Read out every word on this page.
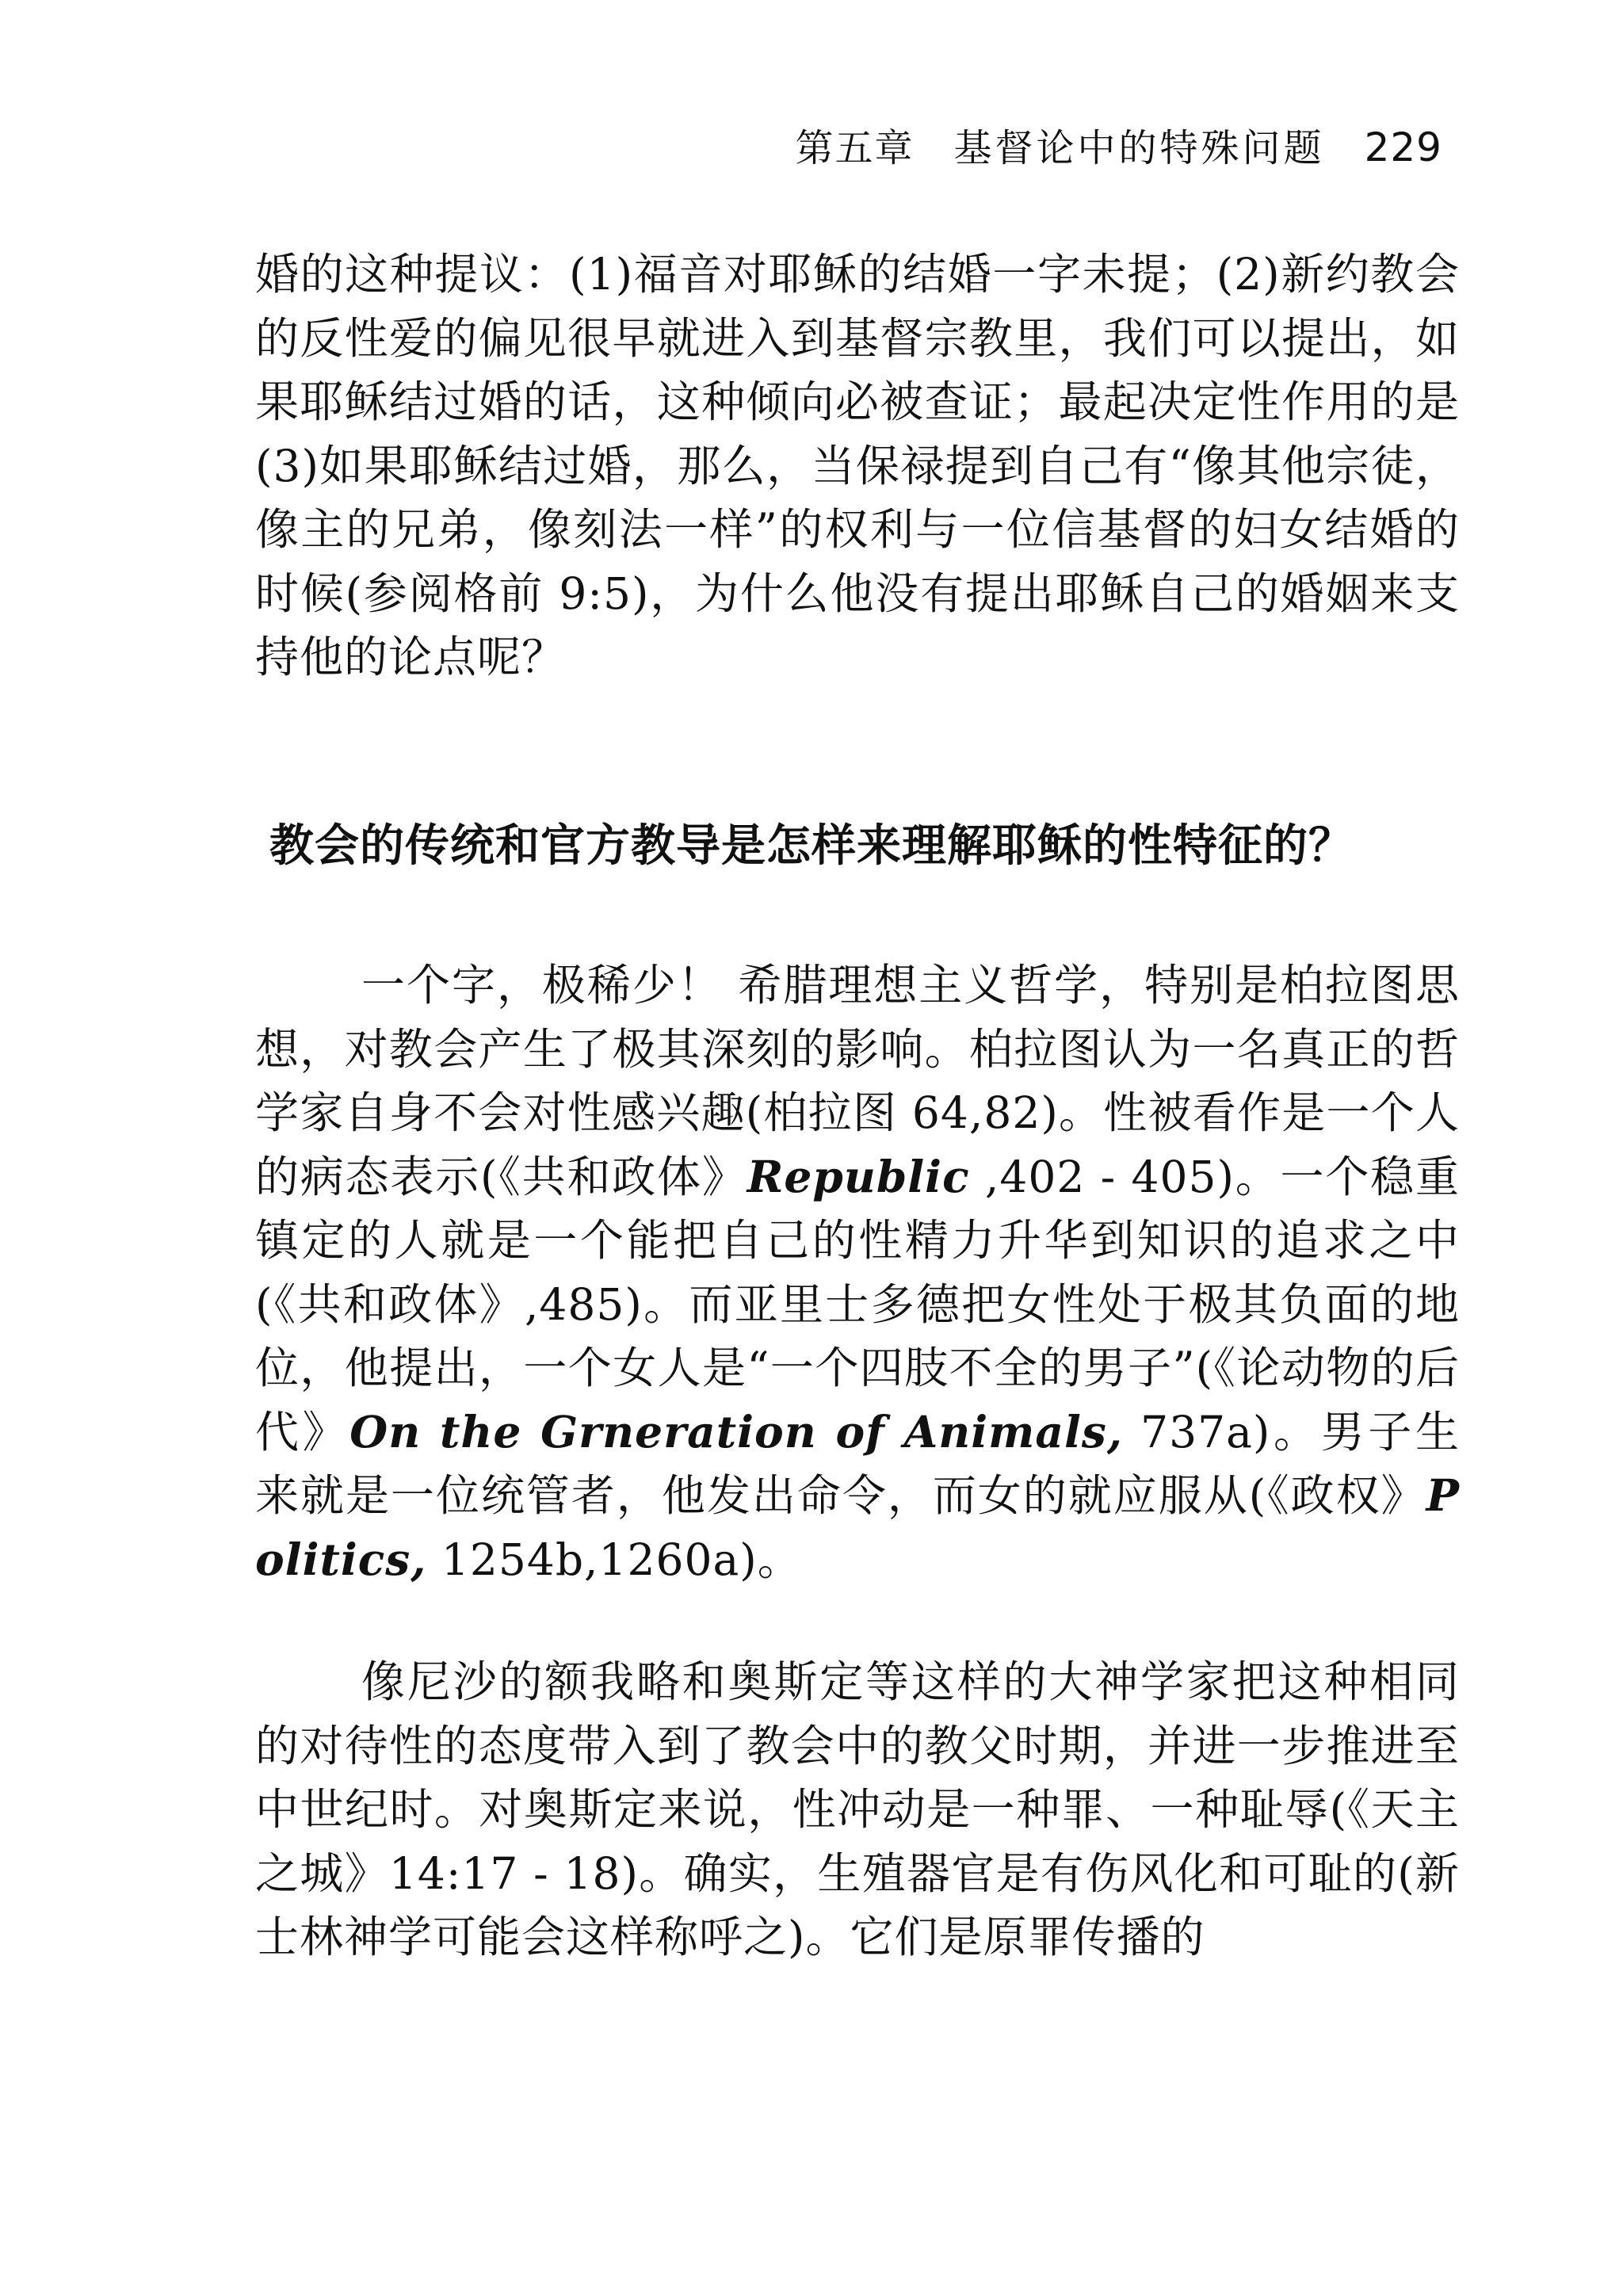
第五章 基督论中的特殊问题 229

婚的这种提议：(1)福音对耶稣的结婚一字未提；(2)新约教会的反性爱的偏见很早就进入到基督宗教里，我们可以提出，如果耶稣结过婚的话，这种倾向必被查证；最起决定性作用的是(3)如果耶稣结过婚，那么，当保禄提到自己有“像其他宗徒，像主的兄弟，像刻法一样”的权利与一位信基督的妇女结婚的时候(参阅格前 9:5)，为什么他没有提出耶稣自己的婚姻来支持他的论点呢？

教会的传统和官方教导是怎样来理解耶稣的性特征的？

一个字，极稀少！ 希腊理想主义哲学，特别是柏拉图思想，对教会产生了极其深刻的影响。柏拉图认为一名真正的哲学家自身不会对性感兴趣(柏拉图 64,82)。性被看作是一个人的病态表示(《共和政体》Republic ,402 - 405)。一个稳重镇定的人就是一个能把自己的性精力升华到知识的追求之中(《共和政体》,485)。而亚里士多德把女性处于极其负面的地位，他提出，一个女人是“一个四肢不全的男子”(《论动物的后代》On the Grneration of Animals, 737a)。男子生来就是一位统管者，他发出命令，而女的就应服从(《政权》Politics, 1254b,1260a)。

像尼沙的额我略和奥斯定等这样的大神学家把这种相同的对待性的态度带入到了教会中的教父时期，并进一步推进至中世纪时。对奥斯定来说，性冲动是一种罪、一种耻辱(《天主之城》14:17 - 18)。确实，生殖器官是有伤风化和可耻的(新士林神学可能会这样称呼之)。它们是原罪传播的
